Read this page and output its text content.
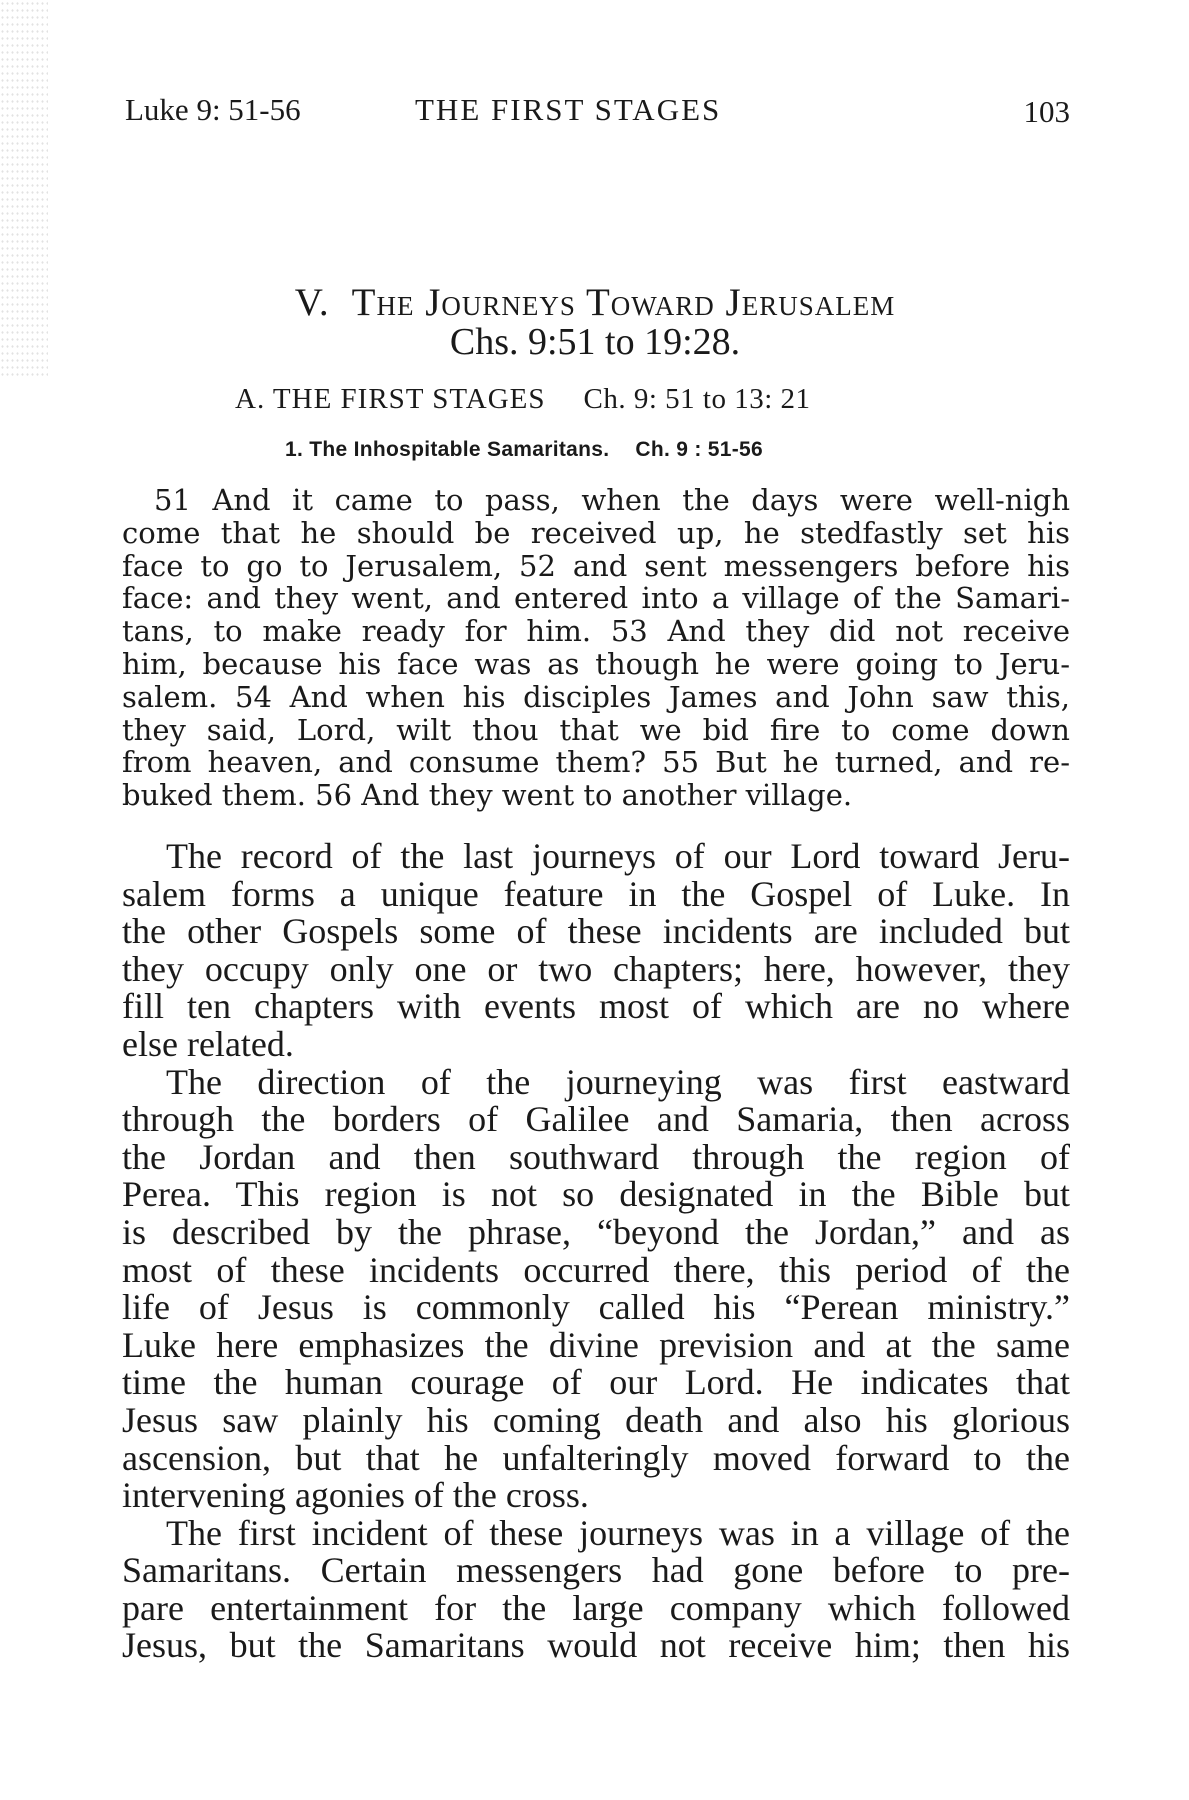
Luke 9: 51-56	THE FIRST STAGES	103
V. The Journeys Toward Jerusalem
Chs. 9:51 to 19:28.
A. THE FIRST STAGES Ch. 9: 51 to 13: 21
1. The Inhospitable Samaritans. Ch. 9 : 51-56
51 And it came to pass, when the days were well-nigh
come that he should be received up, he stedfastly set his
face to go to Jerusalem, 52 and sent messengers before his
face: and they went, and entered into a village of the Samari-
tans, to make ready for him. 53 And they did not receive
him, because his face was as though he were going to Jeru-
salem. 54 And when his disciples James and John saw this,
they said, Lord, wilt thou that we bid fire to come down
from heaven, and consume them? 55 But he turned, and re-
buked them. 56 And they went to another village.
The record of the last journeys of our Lord toward Jeru-
salem forms a unique feature in the Gospel of Luke. In
the other Gospels some of these incidents are included but
they occupy only one or two chapters; here, however, they
fill ten chapters with events most of which are no where
else related.
The direction of the journeying was first eastward
through the borders of Galilee and Samaria, then across
the Jordan and then southward through the region of
Perea. This region is not so designated in the Bible but
is described by the phrase, “beyond the Jordan,” and as
most of these incidents occurred there, this period of the
life of Jesus is commonly called his “Perean ministry.”
Luke here emphasizes the divine prevision and at the same
time the human courage of our Lord. He indicates that
Jesus saw plainly his coming death and also his glorious
ascension, but that he unfalteringly moved forward to the
intervening agonies of the cross.
The first incident of these journeys was in a village of the
Samaritans. Certain messengers had gone before to pre-
pare entertainment for the large company which followed
Jesus, but the Samaritans would not receive him; then his
